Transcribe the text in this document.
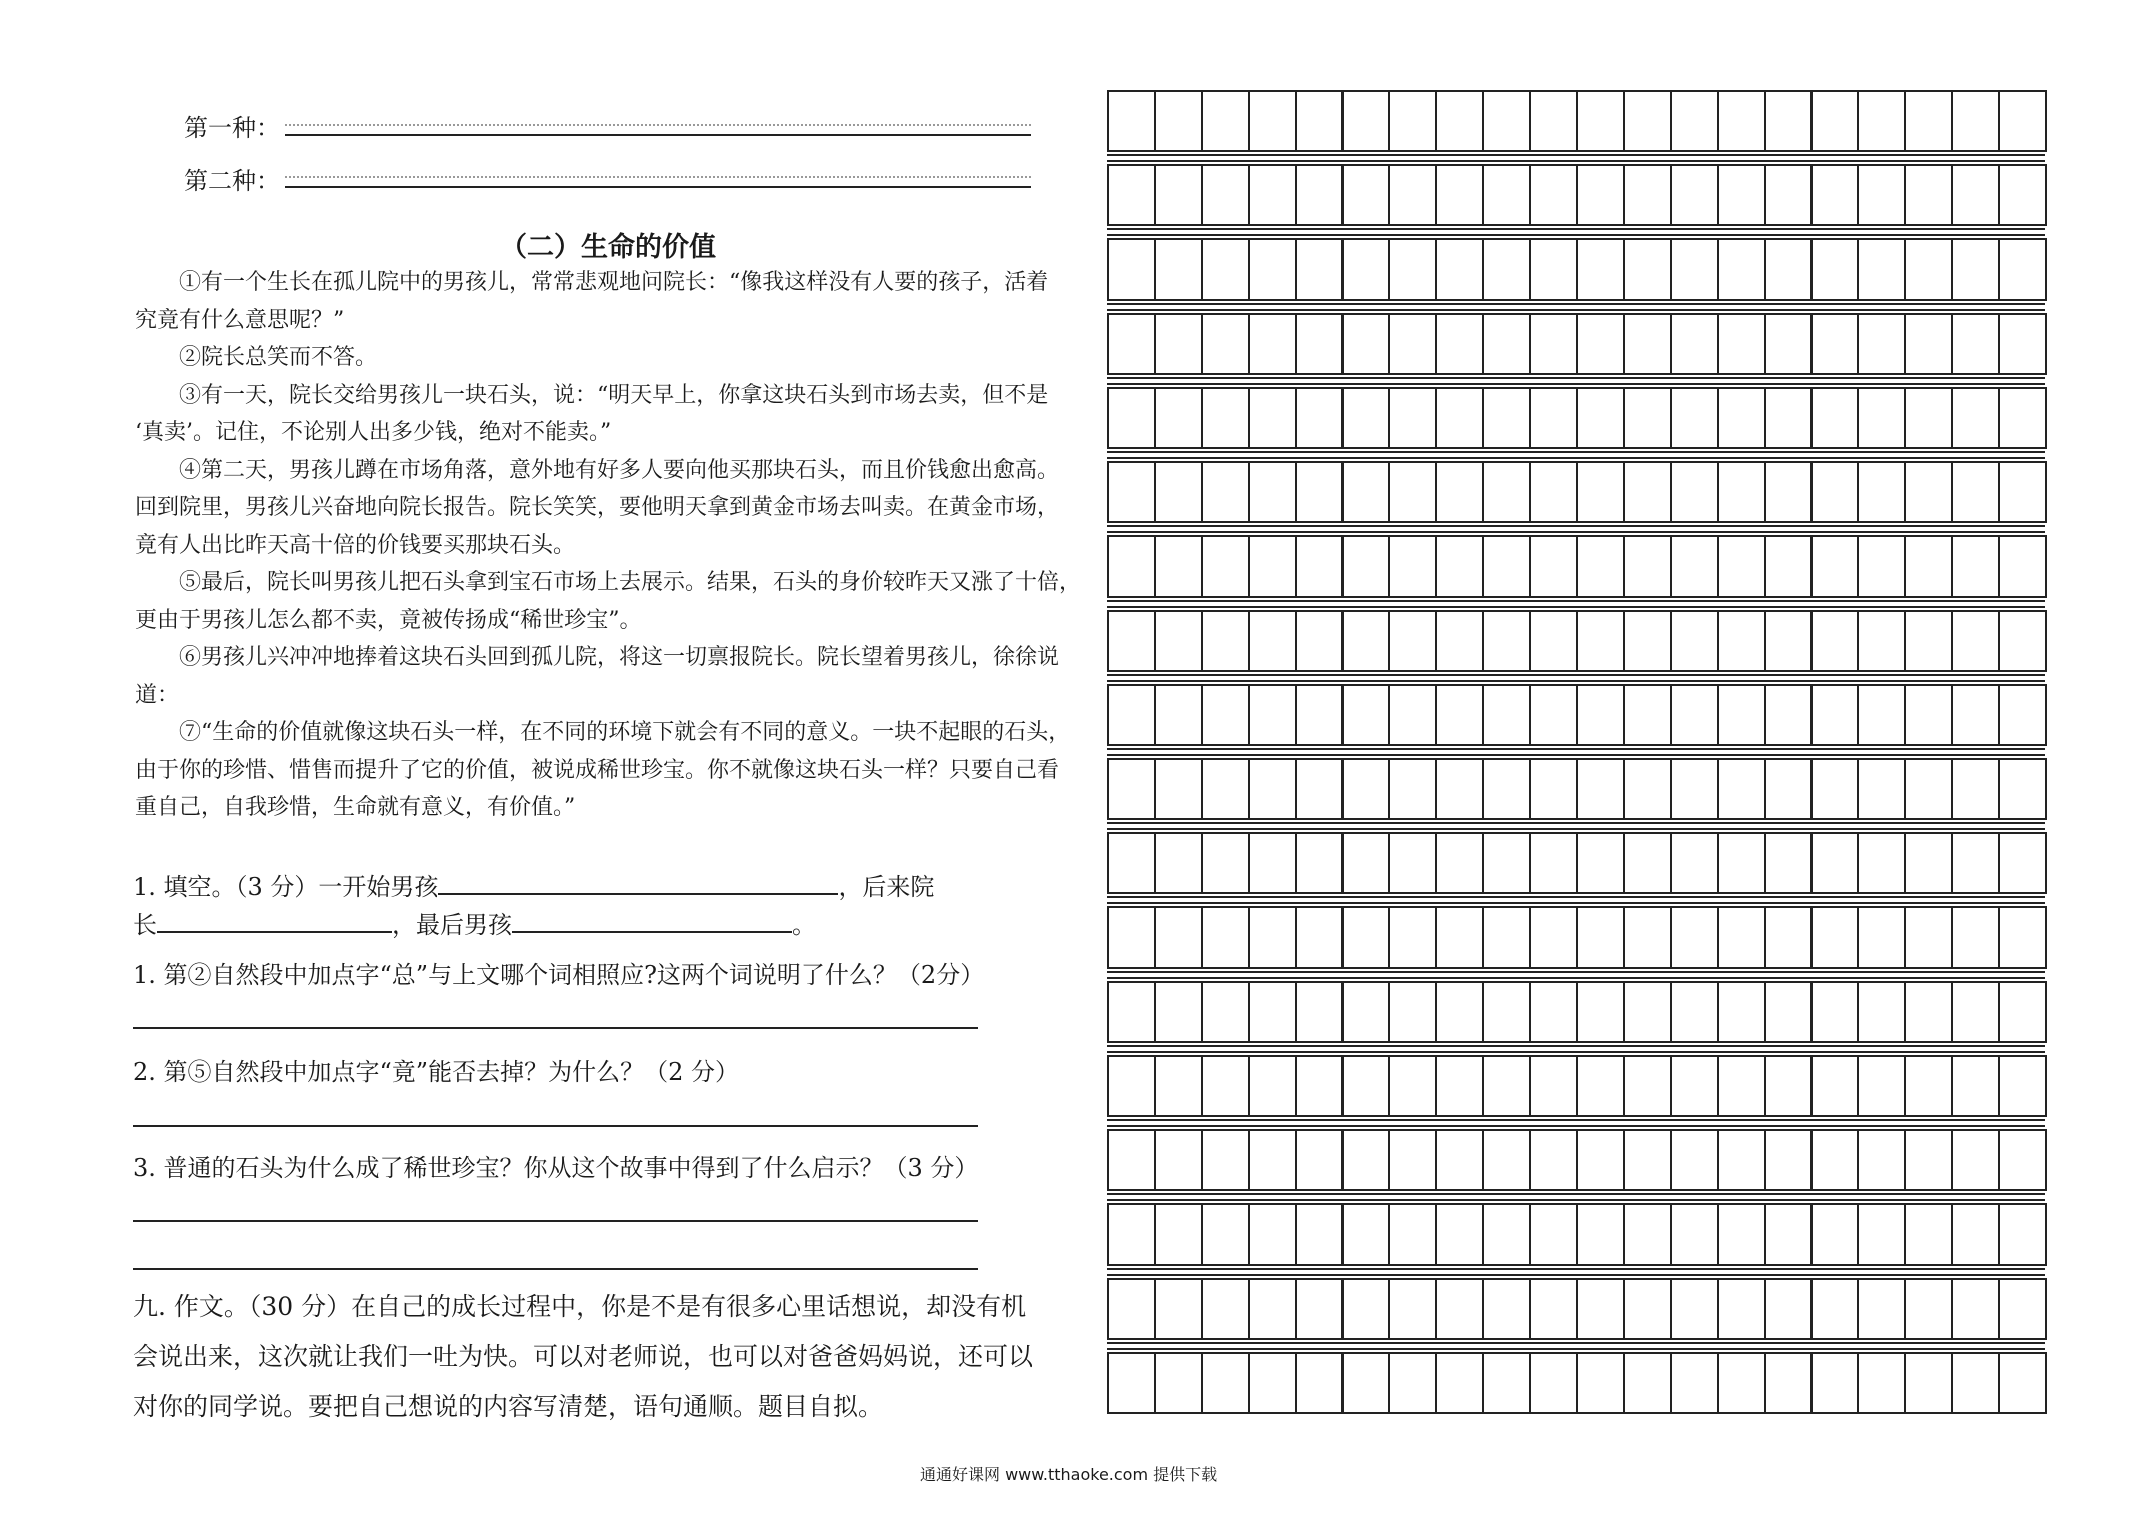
第一种：
第二种：
（二）生命的价值
①有一个生长在孤儿院中的男孩儿，常常悲观地问院长：“像我这样没有人要的孩子，活着
究竟有什么意思呢？”
②院长总笑而不答。
③有一天，院长交给男孩儿一块石头，说：“明天早上，你拿这块石头到市场去卖，但不是
‘真卖’。记住，不论别人出多少钱，绝对不能卖。”
④第二天，男孩儿蹲在市场角落，意外地有好多人要向他买那块石头，而且价钱愈出愈高。
回到院里，男孩儿兴奋地向院长报告。院长笑笑，要他明天拿到黄金市场去叫卖。在黄金市场，
竟有人出比昨天高十倍的价钱要买那块石头。
⑤最后，院长叫男孩儿把石头拿到宝石市场上去展示。结果，石头的身价较昨天又涨了十倍，
更由于男孩儿怎么都不卖，竟被传扬成“稀世珍宝”。
⑥男孩儿兴冲冲地捧着这块石头回到孤儿院，将这一切禀报院长。院长望着男孩儿，徐徐说
道：
⑦“生命的价值就像这块石头一样，在不同的环境下就会有不同的意义。一块不起眼的石头，
由于你的珍惜、惜售而提升了它的价值，被说成稀世珍宝。你不就像这块石头一样？只要自己看
重自己，自我珍惜，生命就有意义，有价值。”
1. 填空。（3 分）一开始男孩	，后来院
长	，最后男孩	。
1. 第②自然段中加点字“总”与上文哪个词相照应?这两个词说明了什么？（2分）
2. 第⑤自然段中加点字“竟”能否去掉？为什么？（2 分）
3. 普通的石头为什么成了稀世珍宝？你从这个故事中得到了什么启示？（3 分）
九. 作文。（30 分）在自己的成长过程中，你是不是有很多心里话想说，却没有机
会说出来，这次就让我们一吐为快。可以对老师说，也可以对爸爸妈妈说，还可以
对你的同学说。要把自己想说的内容写清楚，语句通顺。题目自拟。
通通好课网 www.tthaoke.com 提供下载
